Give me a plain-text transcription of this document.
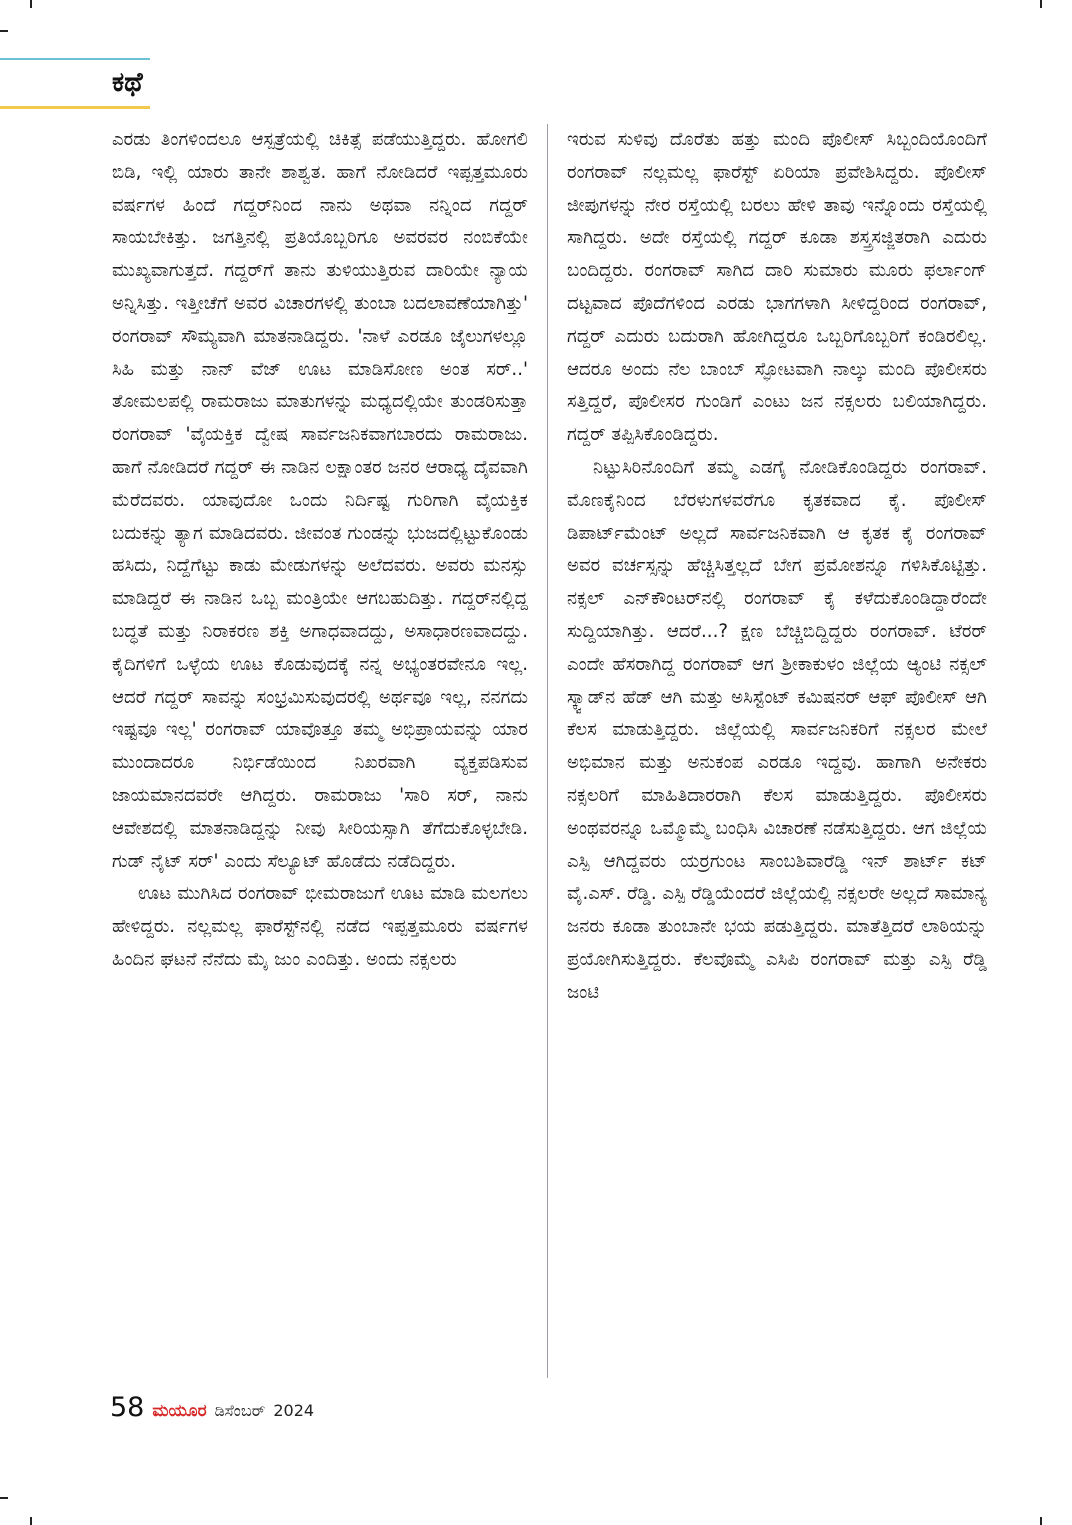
ಕಥೆ

ಎರಡು ತಿಂಗಳಿಂದಲೂ ಆಸ್ಪತ್ರೆಯಲ್ಲಿ ಚಿಕಿತ್ಸೆ ಪಡೆಯುತ್ತಿದ್ದರು. ಹೋಗಲಿ ಬಿಡಿ, ಇಲ್ಲಿ ಯಾರು ತಾನೇ ಶಾಶ್ವತ. ಹಾಗೆ ನೋಡಿದರೆ ಇಪ್ಪತ್ತಮೂರು ವರ್ಷಗಳ ಹಿಂದೆ ಗದ್ದರ್‌ನಿಂದ ನಾನು ಅಥವಾ ನನ್ನಿಂದ ಗದ್ದರ್ ಸಾಯಬೇಕಿತ್ತು. ಜಗತ್ತಿನಲ್ಲಿ ಪ್ರತಿಯೊಬ್ಬರಿಗೂ ಅವರವರ ನಂಬಿಕೆಯೇ ಮುಖ್ಯವಾಗುತ್ತದೆ. ಗದ್ದರ್‌ಗೆ ತಾನು ತುಳಿಯುತ್ತಿರುವ ದಾರಿಯೇ ನ್ಯಾಯ ಅನ್ನಿಸಿತ್ತು. ಇತ್ತೀಚೆಗೆ ಅವರ ವಿಚಾರಗಳಲ್ಲಿ ತುಂಬಾ ಬದಲಾವಣೆಯಾಗಿತ್ತು' ರಂಗರಾವ್ ಸೌಮ್ಯವಾಗಿ ಮಾತನಾಡಿದ್ದರು. 'ನಾಳೆ ಎರಡೂ ಜೈಲುಗಳಲ್ಲೂ ಸಿಹಿ ಮತ್ತು ನಾನ್ ವೆಜ್ ಊಟ ಮಾಡಿಸೋಣ ಅಂತ ಸರ್..' ತೋಮಲಪಲ್ಲಿ ರಾಮರಾಜು ಮಾತುಗಳನ್ನು ಮಧ್ಯದಲ್ಲಿಯೇ ತುಂಡರಿಸುತ್ತಾ ರಂಗರಾವ್ 'ವೈಯಕ್ತಿಕ ದ್ವೇಷ ಸಾರ್ವಜನಿಕವಾಗಬಾರದು ರಾಮರಾಜು. ಹಾಗೆ ನೋಡಿದರೆ ಗದ್ದರ್ ಈ ನಾಡಿನ ಲಕ್ಷಾಂತರ ಜನರ ಆರಾಧ್ಯ ದೈವವಾಗಿ ಮೆರೆದವರು. ಯಾವುದೋ ಒಂದು ನಿರ್ದಿಷ್ಟ ಗುರಿಗಾಗಿ ವೈಯಕ್ತಿಕ ಬದುಕನ್ನು ತ್ಯಾಗ ಮಾಡಿದವರು. ಜೀವಂತ ಗುಂಡನ್ನು ಭುಜದಲ್ಲಿಟ್ಟುಕೊಂಡು ಹಸಿದು, ನಿದ್ದೆಗೆಟ್ಟು ಕಾಡು ಮೇಡುಗಳನ್ನು ಅಲೆದವರು. ಅವರು ಮನಸ್ಸು ಮಾಡಿದ್ದರೆ ಈ ನಾಡಿನ ಒಬ್ಬ ಮಂತ್ರಿಯೇ ಆಗಬಹುದಿತ್ತು. ಗದ್ದರ್‌ನಲ್ಲಿದ್ದ ಬದ್ಧತೆ ಮತ್ತು ನಿರಾಕರಣ ಶಕ್ತಿ ಅಗಾಧವಾದದ್ದು, ಅಸಾಧಾರಣವಾದದ್ದು. ಕೈದಿಗಳಿಗೆ ಒಳ್ಳೆಯ ಊಟ ಕೊಡುವುದಕ್ಕೆ ನನ್ನ ಅಭ್ಯಂತರವೇನೂ ಇಲ್ಲ. ಆದರೆ ಗದ್ದರ್ ಸಾವನ್ನು ಸಂಭ್ರಮಿಸುವುದರಲ್ಲಿ ಅರ್ಥವೂ ಇಲ್ಲ, ನನಗದು ಇಷ್ಟವೂ ಇಲ್ಲ' ರಂಗರಾವ್ ಯಾವೊತ್ತೂ ತಮ್ಮ ಅಭಿಪ್ರಾಯವನ್ನು ಯಾರ ಮುಂದಾದರೂ ನಿರ್ಭಿಡೆಯಿಂದ ನಿಖರವಾಗಿ ವ್ಯಕ್ತಪಡಿಸುವ ಜಾಯಮಾನದವರೇ ಆಗಿದ್ದರು. ರಾಮರಾಜು 'ಸಾರಿ ಸರ್, ನಾನು ಆವೇಶದಲ್ಲಿ ಮಾತನಾಡಿದ್ದನ್ನು ನೀವು ಸೀರಿಯಸ್ಸಾಗಿ ತೆಗೆದುಕೊಳ್ಳಬೇಡಿ. ಗುಡ್ ನೈಟ್ ಸರ್' ಎಂದು ಸೆಲ್ಯೂಟ್ ಹೊಡೆದು ನಡೆದಿದ್ದರು.

ಊಟ ಮುಗಿಸಿದ ರಂಗರಾವ್ ಭೀಮರಾಜುಗೆ ಊಟ ಮಾಡಿ ಮಲಗಲು ಹೇಳಿದ್ದರು. ನಲ್ಲಮಲ್ಲ ಫಾರೆಸ್ಟ್‌ನಲ್ಲಿ ನಡೆದ ಇಪ್ಪತ್ತಮೂರು ವರ್ಷಗಳ ಹಿಂದಿನ ಘಟನೆ ನೆನೆದು ಮೈ ಜುಂ ಎಂದಿತ್ತು. ಅಂದು ನಕ್ಸಲರು

ಇರುವ ಸುಳಿವು ದೊರೆತು ಹತ್ತು ಮಂದಿ ಪೊಲೀಸ್ ಸಿಬ್ಬಂದಿಯೊಂದಿಗೆ ರಂಗರಾವ್ ನಲ್ಲಮಲ್ಲ ಫಾರೆಸ್ಟ್ ಏರಿಯಾ ಪ್ರವೇಶಿಸಿದ್ದರು. ಪೊಲೀಸ್ ಜೀಪುಗಳನ್ನು ನೇರ ರಸ್ತೆಯಲ್ಲಿ ಬರಲು ಹೇಳಿ ತಾವು ಇನ್ನೊಂದು ರಸ್ತೆಯಲ್ಲಿ ಸಾಗಿದ್ದರು. ಅದೇ ರಸ್ತೆಯಲ್ಲಿ ಗದ್ದರ್ ಕೂಡಾ ಶಸ್ತ್ರಸಜ್ಜಿತರಾಗಿ ಎದುರು ಬಂದಿದ್ದರು. ರಂಗರಾವ್ ಸಾಗಿದ ದಾರಿ ಸುಮಾರು ಮೂರು ಫರ್ಲಾಂಗ್ ದಟ್ಟವಾದ ಪೊದೆಗಳಿಂದ ಎರಡು ಭಾಗಗಳಾಗಿ ಸೀಳಿದ್ದರಿಂದ ರಂಗರಾವ್, ಗದ್ದರ್ ಎದುರು ಬದುರಾಗಿ ಹೋಗಿದ್ದರೂ ಒಬ್ಬರಿಗೊಬ್ಬರಿಗೆ ಕಂಡಿರಲಿಲ್ಲ. ಆದರೂ ಅಂದು ನೆಲ ಬಾಂಬ್ ಸ್ಫೋಟವಾಗಿ ನಾಲ್ಕು ಮಂದಿ ಪೊಲೀಸರು ಸತ್ತಿದ್ದರೆ, ಪೊಲೀಸರ ಗುಂಡಿಗೆ ಎಂಟು ಜನ ನಕ್ಸಲರು ಬಲಿಯಾಗಿದ್ದರು. ಗದ್ದರ್ ತಪ್ಪಿಸಿಕೊಂಡಿದ್ದರು.

ನಿಟ್ಟುಸಿರಿನೊಂದಿಗೆ ತಮ್ಮ ಎಡಗೈ ನೋಡಿಕೊಂಡಿದ್ದರು ರಂಗರಾವ್. ಮೊಣಕೈನಿಂದ ಬೆರಳುಗಳವರೆಗೂ ಕೃತಕವಾದ ಕೈ. ಪೊಲೀಸ್ ಡಿಪಾರ್ಟ್‌ಮೆಂಟ್ ಅಲ್ಲದೆ ಸಾರ್ವಜನಿಕವಾಗಿ ಆ ಕೃತಕ ಕೈ ರಂಗರಾವ್ ಅವರ ವರ್ಚಸ್ಸನ್ನು ಹೆಚ್ಚಿಸಿತ್ತಲ್ಲದೆ ಬೇಗ ಪ್ರಮೋಶನ್ನೂ ಗಳಿಸಿಕೊಟ್ಟಿತ್ತು. ನಕ್ಸಲ್ ಎನ್‌ಕೌಂಟರ್‌ನಲ್ಲಿ ರಂಗರಾವ್ ಕೈ ಕಳೆದುಕೊಂಡಿದ್ದಾರೆಂದೇ ಸುದ್ದಿಯಾಗಿತ್ತು. ಆದರೆ...? ಕ್ಷಣ ಬೆಚ್ಚಿಬಿದ್ದಿದ್ದರು ರಂಗರಾವ್. ಟೆರರ್ ಎಂದೇ ಹೆಸರಾಗಿದ್ದ ರಂಗರಾವ್ ಆಗ ಶ್ರೀಕಾಕುಳಂ ಜಿಲ್ಲೆಯ ಆ್ಯಂಟಿ ನಕ್ಸಲ್ ಸ್ಕ್ವಾಡ್‌ನ ಹೆಡ್ ಆಗಿ ಮತ್ತು ಅಸಿಸ್ಟೆಂಟ್ ಕಮಿಷನರ್ ಆಫ್ ಪೊಲೀಸ್ ಆಗಿ ಕೆಲಸ ಮಾಡುತ್ತಿದ್ದರು. ಜಿಲ್ಲೆಯಲ್ಲಿ ಸಾರ್ವಜನಿಕರಿಗೆ ನಕ್ಸಲರ ಮೇಲೆ ಅಭಿಮಾನ ಮತ್ತು ಅನುಕಂಪ ಎರಡೂ ಇದ್ದವು. ಹಾಗಾಗಿ ಅನೇಕರು ನಕ್ಸಲರಿಗೆ ಮಾಹಿತಿದಾರರಾಗಿ ಕೆಲಸ ಮಾಡುತ್ತಿದ್ದರು. ಪೊಲೀಸರು ಅಂಥವರನ್ನೂ ಒಮ್ಮೊಮ್ಮೆ ಬಂಧಿಸಿ ವಿಚಾರಣೆ ನಡೆಸುತ್ತಿದ್ದರು. ಆಗ ಜಿಲ್ಲೆಯ ಎಸ್ಪಿ ಆಗಿದ್ದವರು ಯರ್ರಗುಂಟ ಸಾಂಬಶಿವಾರೆಡ್ಡಿ ಇನ್ ಶಾರ್ಟ್ ಕಟ್ ವೈ.ಎಸ್. ರೆಡ್ಡಿ. ಎಸ್ಪಿ ರೆಡ್ಡಿಯೆಂದರೆ ಜಿಲ್ಲೆಯಲ್ಲಿ ನಕ್ಸಲರೇ ಅಲ್ಲದೆ ಸಾಮಾನ್ಯ ಜನರು ಕೂಡಾ ತುಂಬಾನೇ ಭಯ ಪಡುತ್ತಿದ್ದರು. ಮಾತೆತ್ತಿದರೆ ಲಾಠಿಯನ್ನು ಪ್ರಯೋಗಿಸುತ್ತಿದ್ದರು. ಕೆಲವೊಮ್ಮೆ ಎಸಿಪಿ ರಂಗರಾವ್ ಮತ್ತು ಎಸ್ಪಿ ರೆಡ್ಡಿ ಜಂಟಿ

58 ಮಯೂರ ಡಿಸೆಂಬರ್ 2024
